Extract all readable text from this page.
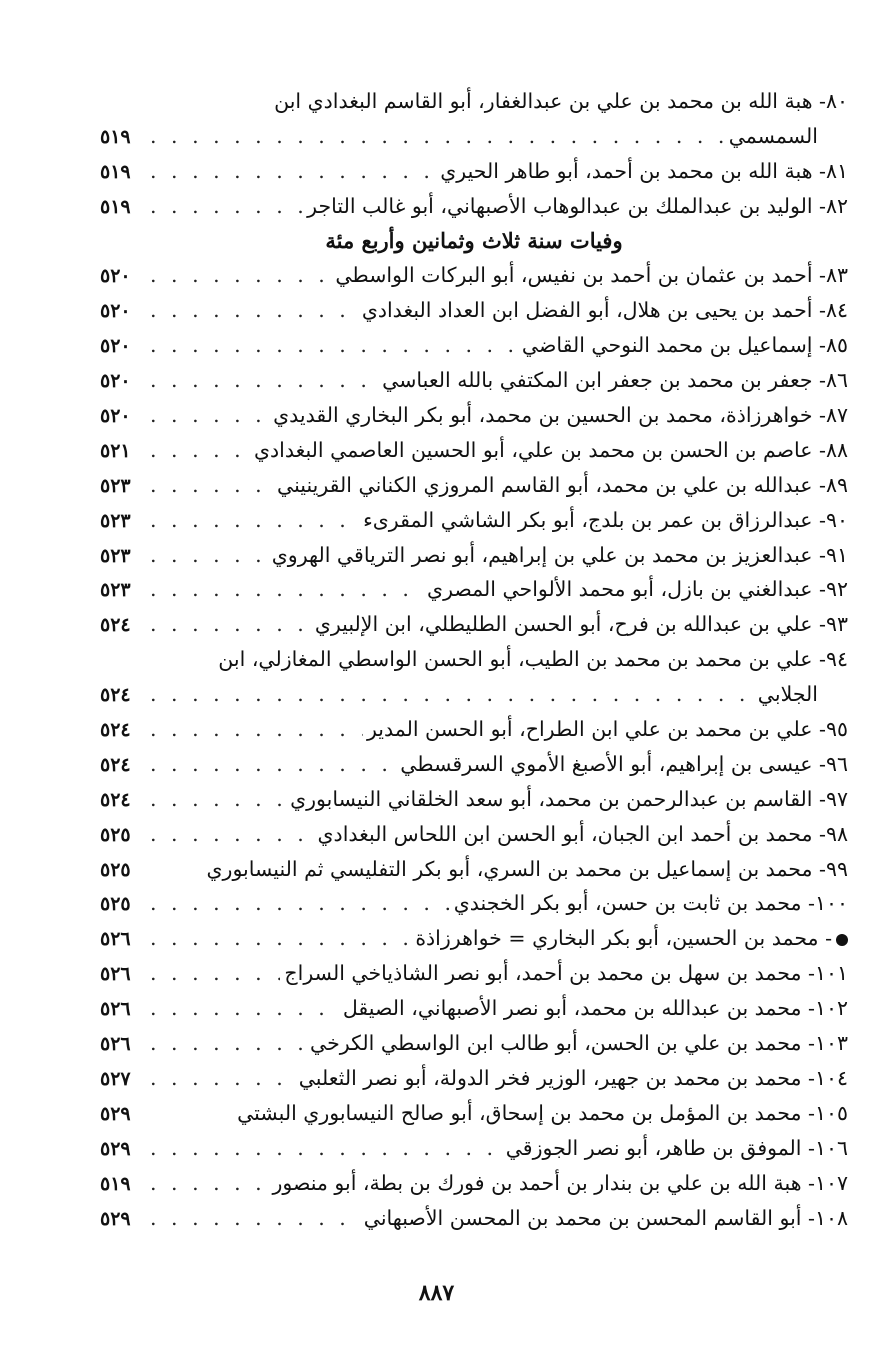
٨٠- هبة الله بن محمد بن علي بن عبدالغفار، أبو القاسم البغدادي ابن
السمسمي
. . .
٥١٩
٨١- هبة الله بن محمد بن أحمد، أبو طاهر الحيري
. . .
٥١٩
٨٢- الوليد بن عبدالملك بن عبدالوهاب الأصبهاني، أبو غالب التاجر
. . .
٥١٩
وفيات سنة ثلاث وثمانين وأربع مئة
٨٣- أحمد بن عثمان بن أحمد بن نفيس، أبو البركات الواسطي
. . .
٥٢٠
٨٤- أحمد بن يحيى بن هلال، أبو الفضل ابن العداد البغدادي
. . .
٥٢٠
٨٥- إسماعيل بن محمد النوحي القاضي
. . .
٥٢٠
٨٦- جعفر بن محمد بن جعفر ابن المكتفي بالله العباسي
. . .
٥٢٠
٨٧- خواهرزاذة، محمد بن الحسين بن محمد، أبو بكر البخاري القديدي
. . .
٥٢٠
٨٨- عاصم بن الحسن بن محمد بن علي، أبو الحسين العاصمي البغدادي
. . .
٥٢١
٨٩- عبدالله بن علي بن محمد، أبو القاسم المروزي الكناني القرينيني
. . .
٥٢٣
٩٠- عبدالرزاق بن عمر بن بلدج، أبو بكر الشاشي المقرىء
. . .
٥٢٣
٩١- عبدالعزيز بن محمد بن علي بن إبراهيم، أبو نصر الترياقي الهروي
. . .
٥٢٣
٩٢- عبدالغني بن بازل، أبو محمد الألواحي المصري
. . .
٥٢٣
٩٣- علي بن عبدالله بن فرح، أبو الحسن الطليطلي، ابن الإلبيري
. . .
٥٢٤
٩٤- علي بن محمد بن محمد بن الطيب، أبو الحسن الواسطي المغازلي، ابن
الجلابي
. . .
٥٢٤
٩٥- علي بن محمد بن علي ابن الطراح، أبو الحسن المدير
. . .
٥٢٤
٩٦- عيسى بن إبراهيم، أبو الأصبغ الأموي السرقسطي
. . .
٥٢٤
٩٧- القاسم بن عبدالرحمن بن محمد، أبو سعد الخلقاني النيسابوري
. . .
٥٢٤
٩٨- محمد بن أحمد ابن الجبان، أبو الحسن ابن اللحاس البغدادي
. . .
٥٢٥
٩٩- محمد بن إسماعيل بن محمد بن السري، أبو بكر التفليسي ثم النيسابوري
٥٢٥
١٠٠- محمد بن ثابت بن حسن، أبو بكر الخجندي
. . .
٥٢٥
- محمد بن الحسين، أبو بكر البخاري = خواهرزاذة
. . .
٥٢٦
١٠١- محمد بن سهل بن محمد بن أحمد، أبو نصر الشاذياخي السراج
. . .
٥٢٦
١٠٢- محمد بن عبدالله بن محمد، أبو نصر الأصبهاني، الصيقل
. . .
٥٢٦
١٠٣- محمد بن علي بن الحسن، أبو طالب ابن الواسطي الكرخي
. . .
٥٢٦
١٠٤- محمد بن محمد بن جهير، الوزير فخر الدولة، أبو نصر الثعلبي
. . .
٥٢٧
١٠٥- محمد بن المؤمل بن محمد بن إسحاق، أبو صالح النيسابوري البشتي
٥٢٩
١٠٦- الموفق بن طاهر، أبو نصر الجوزقي
. . .
٥٢٩
١٠٧- هبة الله بن علي بن بندار بن أحمد بن فورك بن بطة، أبو منصور
. . .
٥١٩
١٠٨- أبو القاسم المحسن بن محمد بن المحسن الأصبهاني
. . .
٥٢٩
٨٨٧
